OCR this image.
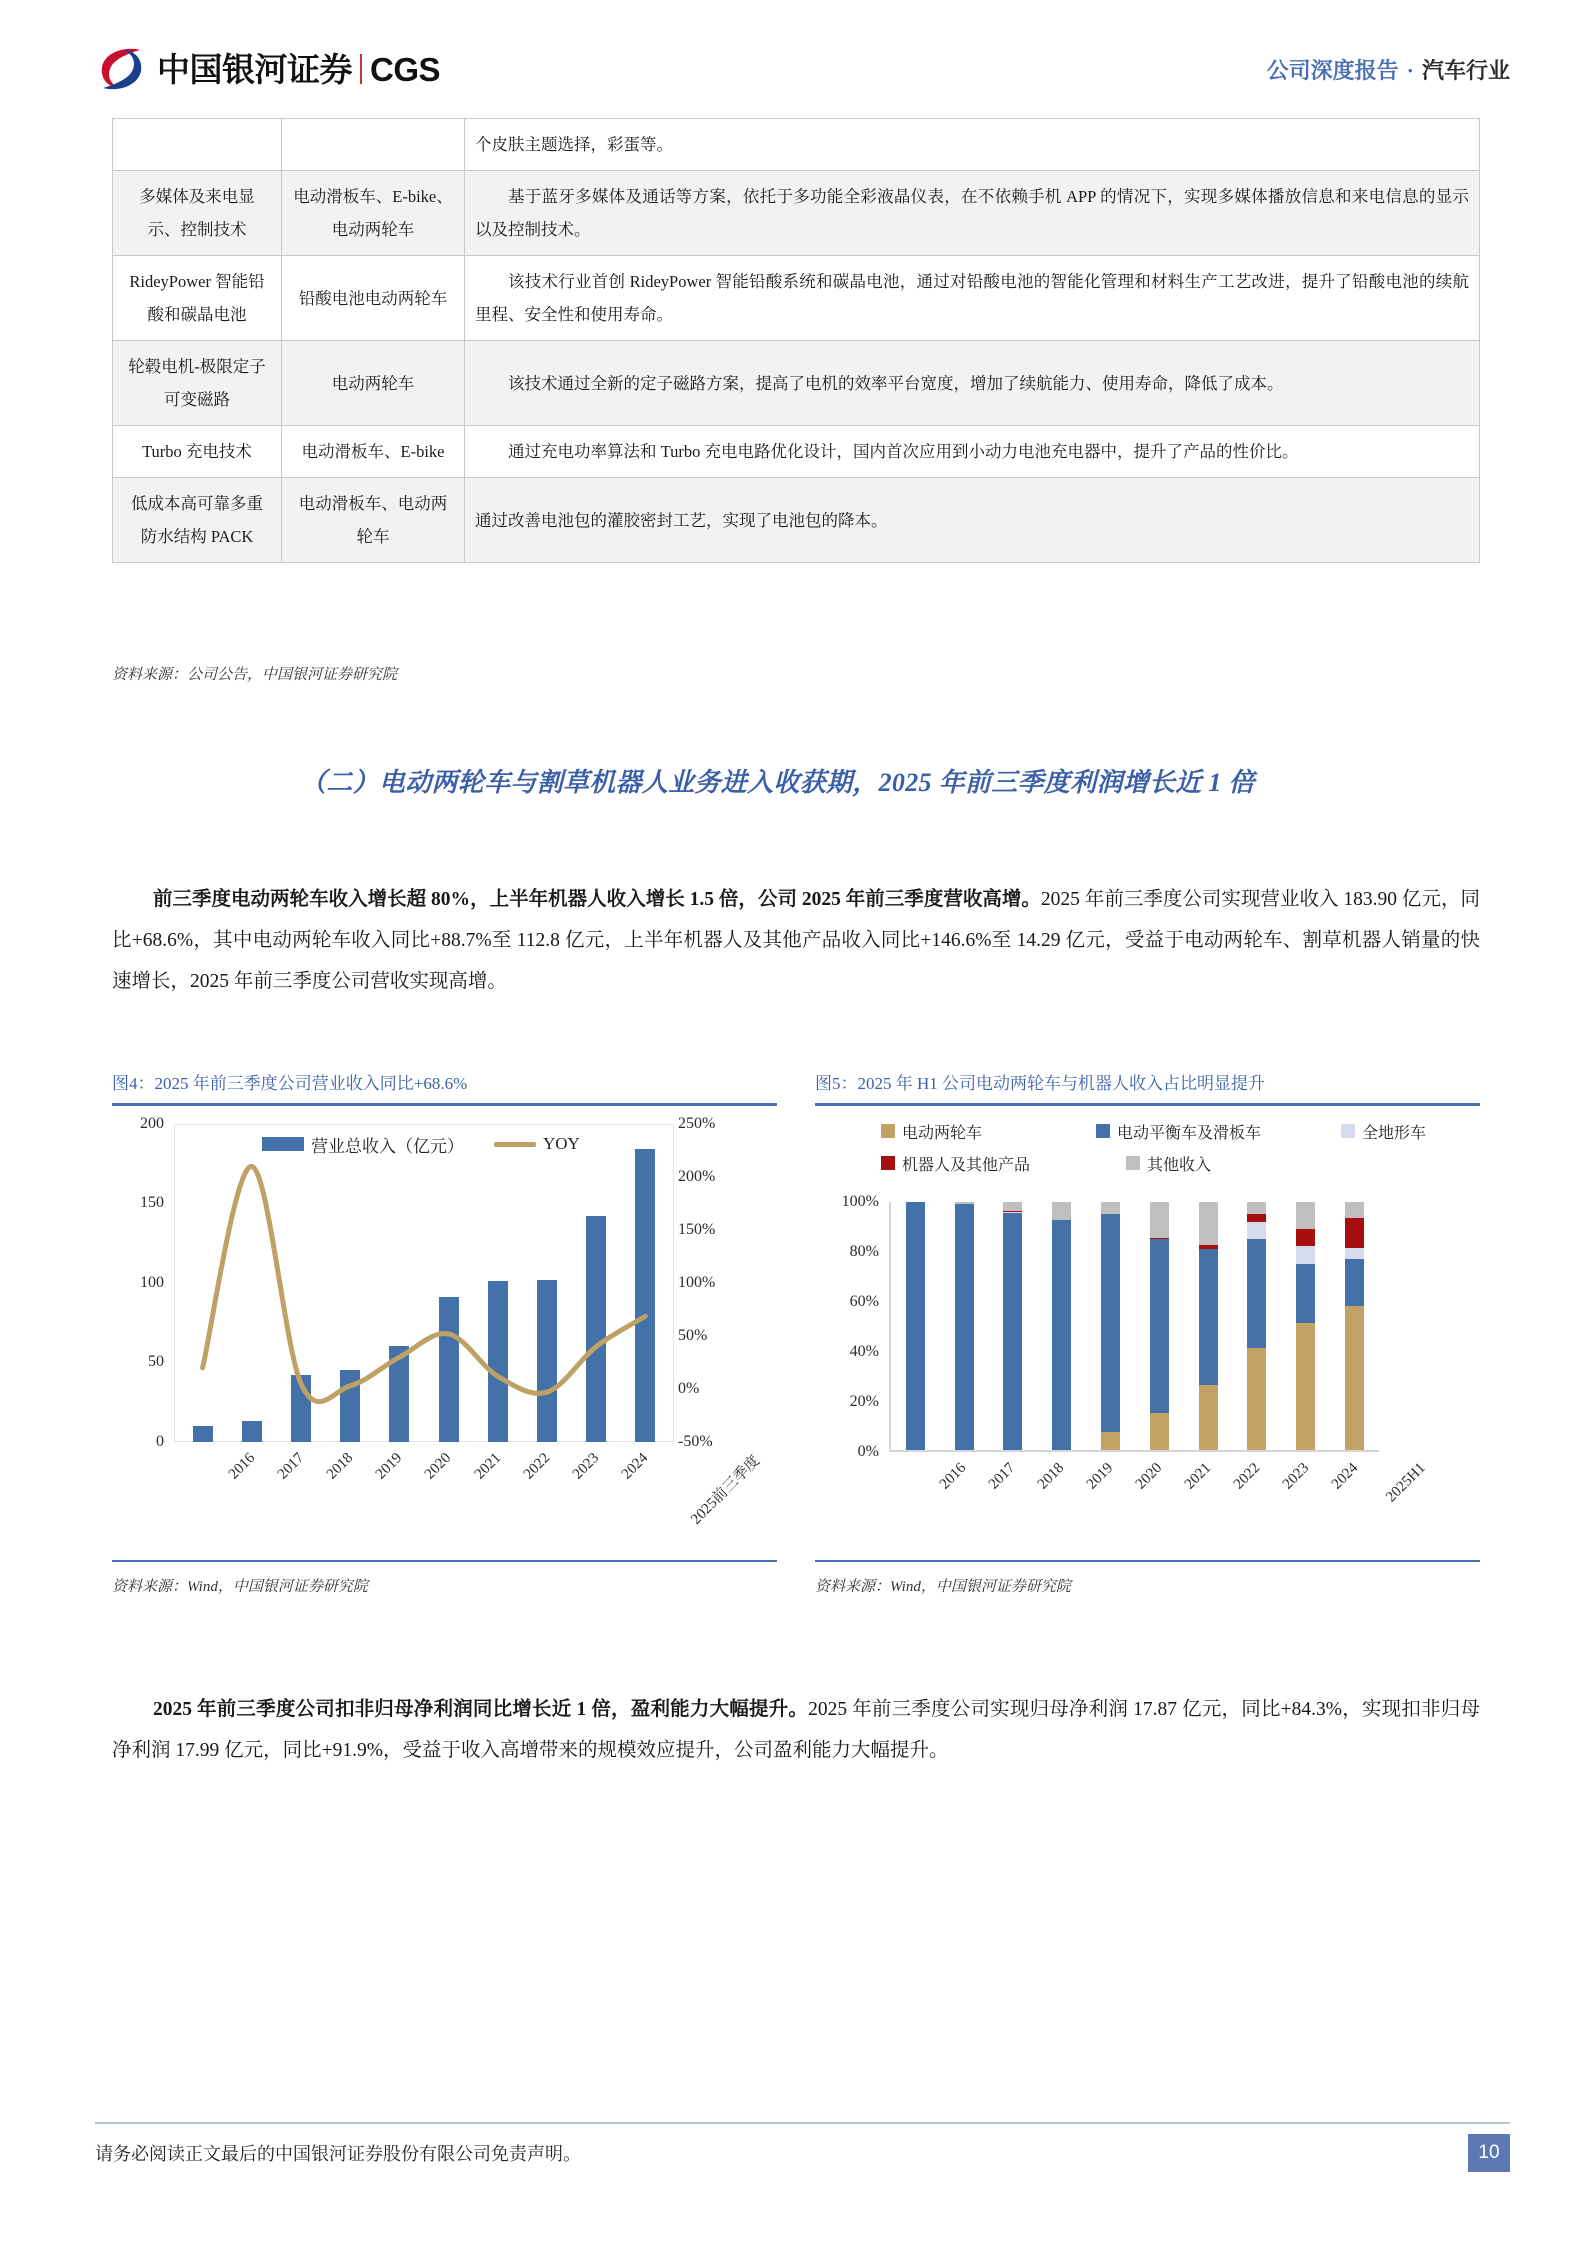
中国银河证券 CGS	公司深度报告 · 汽车行业
		个皮肤主题选择，彩蛋等。
多媒体及来电显示、控制技术	电动滑板车、E-bike、电动两轮车	基于蓝牙多媒体及通话等方案，依托于多功能全彩液晶仪表，在不依赖手机 APP 的情况下，实现多媒体播放信息和来电信息的显示以及控制技术。
RideyPower 智能铅酸和碳晶电池	铅酸电池电动两轮车	该技术行业首创 RideyPower 智能铅酸系统和碳晶电池，通过对铅酸电池的智能化管理和材料生产工艺改进，提升了铅酸电池的续航里程、安全性和使用寿命。
轮毂电机-极限定子可变磁路	电动两轮车	该技术通过全新的定子磁路方案，提高了电机的效率平台宽度，增加了续航能力、使用寿命，降低了成本。
Turbo 充电技术	电动滑板车、E-bike	通过充电功率算法和 Turbo 充电电路优化设计，国内首次应用到小动力电池充电器中，提升了产品的性价比。
低成本高可靠多重防水结构 PACK	电动滑板车、电动两轮车	通过改善电池包的灌胶密封工艺，实现了电池包的降本。
资料来源：公司公告，中国银河证券研究院
（二）电动两轮车与割草机器人业务进入收获期，2025 年前三季度利润增长近 1 倍
前三季度电动两轮车收入增长超 80%，上半年机器人收入增长 1.5 倍，公司 2025 年前三季度营收高增。2025 年前三季度公司实现营业收入 183.90 亿元，同比+68.6%，其中电动两轮车收入同比+88.7%至 112.8 亿元，上半年机器人及其他产品收入同比+146.6%至 14.29 亿元，受益于电动两轮车、割草机器人销量的快速增长，2025 年前三季度公司营收实现高增。
图4：2025 年前三季度公司营业收入同比+68.6%
0
50
100
150
200
-50%
0%
50%
100%
150%
200%
250%
2016 2017 2018 2019 2020 2021 2022 2023 2024 2025前三季度
营业总收入（亿元）	YOY
资料来源：Wind，中国银河证券研究院
图5：2025 年 H1 公司电动两轮车与机器人收入占比明显提升
电动两轮车	电动平衡车及滑板车	全地形车
机器人及其他产品	其他收入
0%
20%
40%
60%
80%
100%
2016 2017 2018 2019 2020 2021 2022 2023 2024 2025H1
资料来源：Wind，中国银河证券研究院
2025 年前三季度公司扣非归母净利润同比增长近 1 倍，盈利能力大幅提升。2025 年前三季度公司实现归母净利润 17.87 亿元，同比+84.3%，实现扣非归母净利润 17.99 亿元，同比+91.9%，受益于收入高增带来的规模效应提升，公司盈利能力大幅提升。
请务必阅读正文最后的中国银河证券股份有限公司免责声明。	10
